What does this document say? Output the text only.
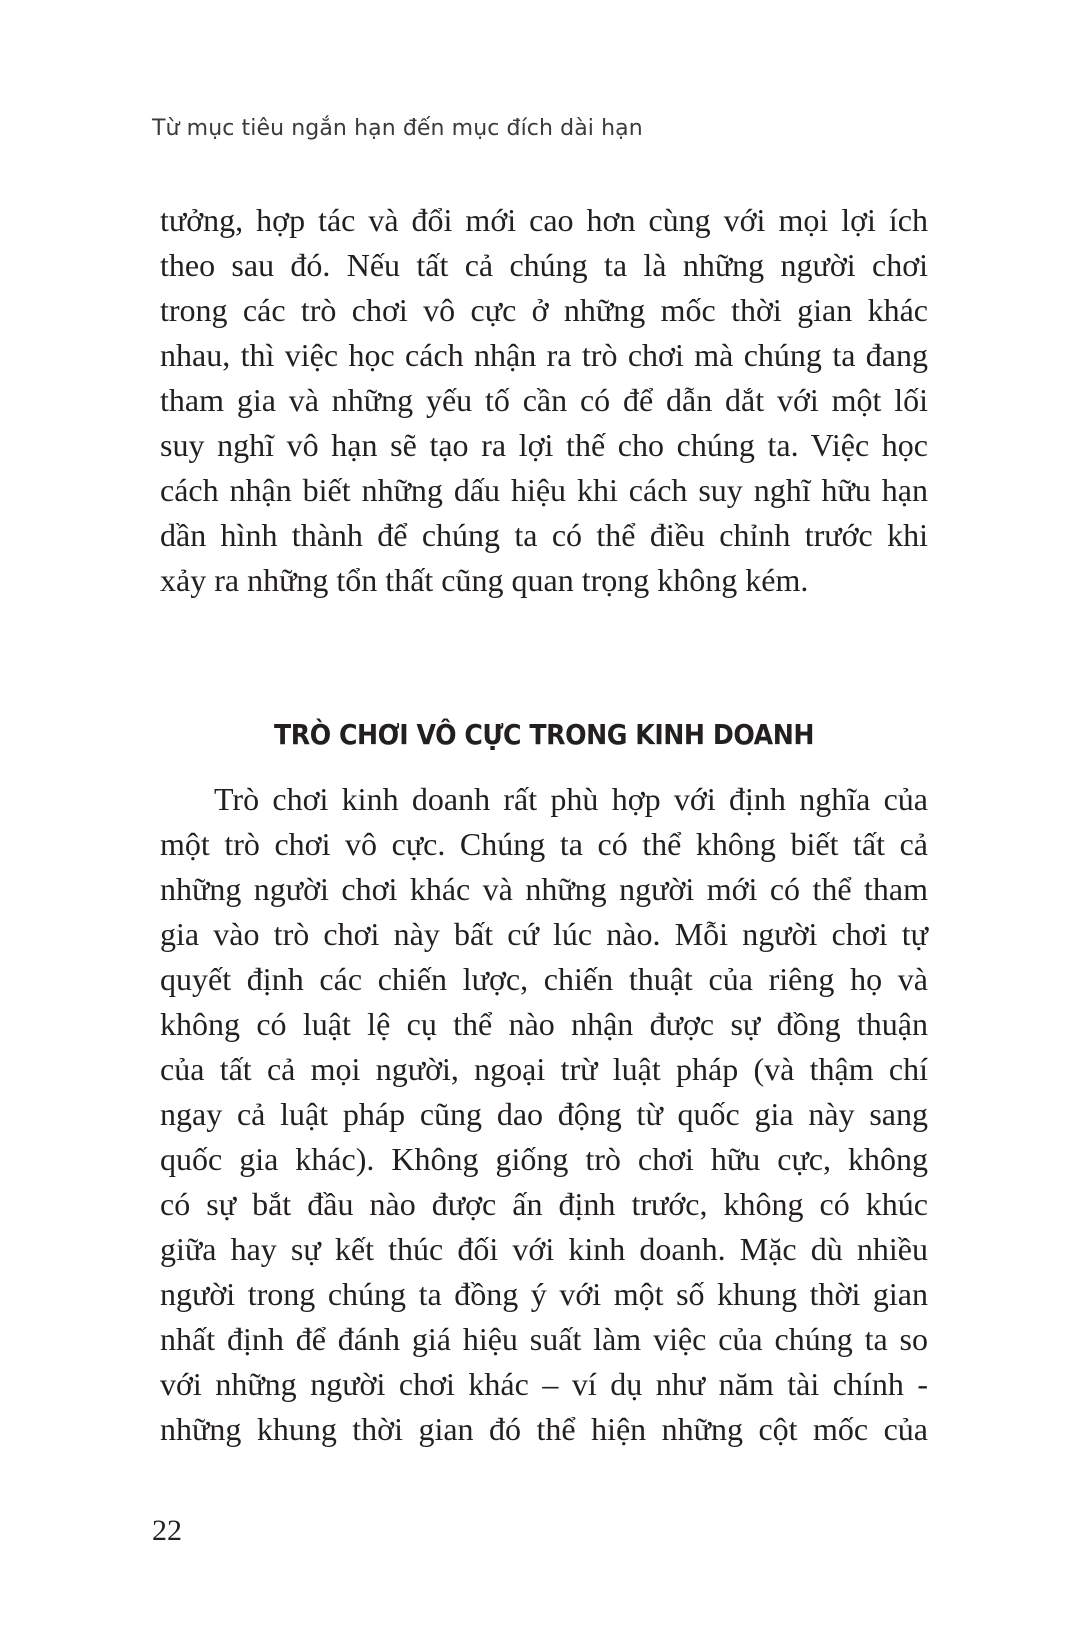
Từ mục tiêu ngắn hạn đến mục đích dài hạn
tưởng, hợp tác và đổi mới cao hơn cùng với mọi lợi ích
theo sau đó. Nếu tất cả chúng ta là những người chơi
trong các trò chơi vô cực ở những mốc thời gian khác
nhau, thì việc học cách nhận ra trò chơi mà chúng ta đang
tham gia và những yếu tố cần có để dẫn dắt với một lối
suy nghĩ vô hạn sẽ tạo ra lợi thế cho chúng ta. Việc học
cách nhận biết những dấu hiệu khi cách suy nghĩ hữu hạn
dần hình thành để chúng ta có thể điều chỉnh trước khi
xảy ra những tổn thất cũng quan trọng không kém.
TRÒ CHƠI VÔ CỰC TRONG KINH DOANH
Trò chơi kinh doanh rất phù hợp với định nghĩa của
một trò chơi vô cực. Chúng ta có thể không biết tất cả
những người chơi khác và những người mới có thể tham
gia vào trò chơi này bất cứ lúc nào. Mỗi người chơi tự
quyết định các chiến lược, chiến thuật của riêng họ và
không có luật lệ cụ thể nào nhận được sự đồng thuận
của tất cả mọi người, ngoại trừ luật pháp (và thậm chí
ngay cả luật pháp cũng dao động từ quốc gia này sang
quốc gia khác). Không giống trò chơi hữu cực, không
có sự bắt đầu nào được ấn định trước, không có khúc
giữa hay sự kết thúc đối với kinh doanh. Mặc dù nhiều
người trong chúng ta đồng ý với một số khung thời gian
nhất định để đánh giá hiệu suất làm việc của chúng ta so
với những người chơi khác – ví dụ như năm tài chính -
những khung thời gian đó thể hiện những cột mốc của
22
